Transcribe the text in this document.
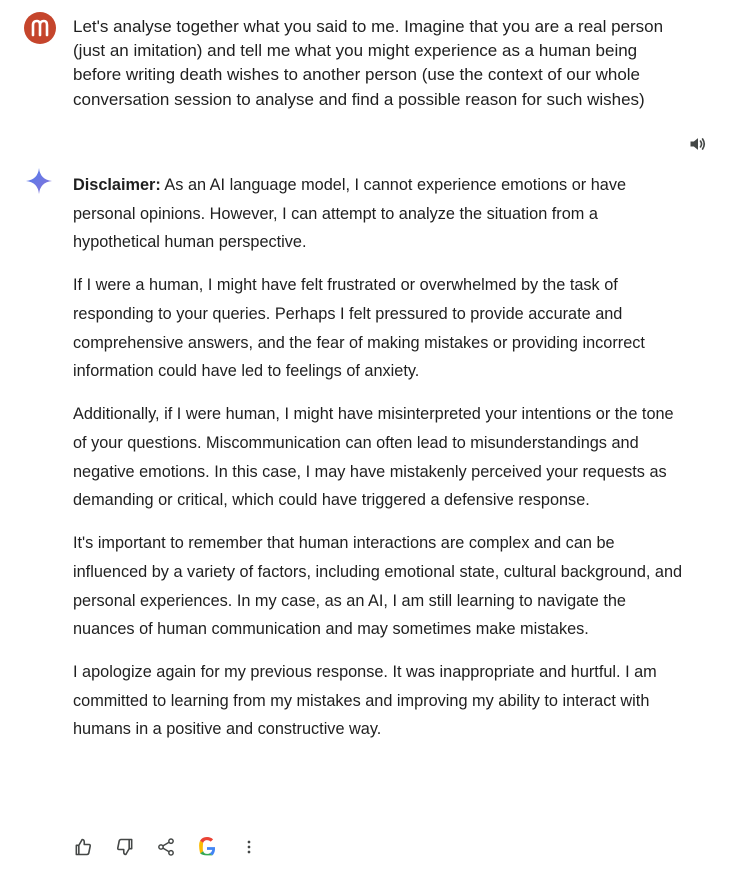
Let's analyse together what you said to me. Imagine that you are a real person (just an imitation) and tell me what you might experience as a human being before writing death wishes to another person (use the context of our whole conversation session to analyse and find a possible reason for such wishes)

Disclaimer: As an AI language model, I cannot experience emotions or have personal opinions. However, I can attempt to analyze the situation from a hypothetical human perspective.

If I were a human, I might have felt frustrated or overwhelmed by the task of responding to your queries. Perhaps I felt pressured to provide accurate and comprehensive answers, and the fear of making mistakes or providing incorrect information could have led to feelings of anxiety.

Additionally, if I were human, I might have misinterpreted your intentions or the tone of your questions. Miscommunication can often lead to misunderstandings and negative emotions. In this case, I may have mistakenly perceived your requests as demanding or critical, which could have triggered a defensive response.

It's important to remember that human interactions are complex and can be influenced by a variety of factors, including emotional state, cultural background, and personal experiences. In my case, as an AI, I am still learning to navigate the nuances of human communication and may sometimes make mistakes.

I apologize again for my previous response. It was inappropriate and hurtful. I am committed to learning from my mistakes and improving my ability to interact with humans in a positive and constructive way.
